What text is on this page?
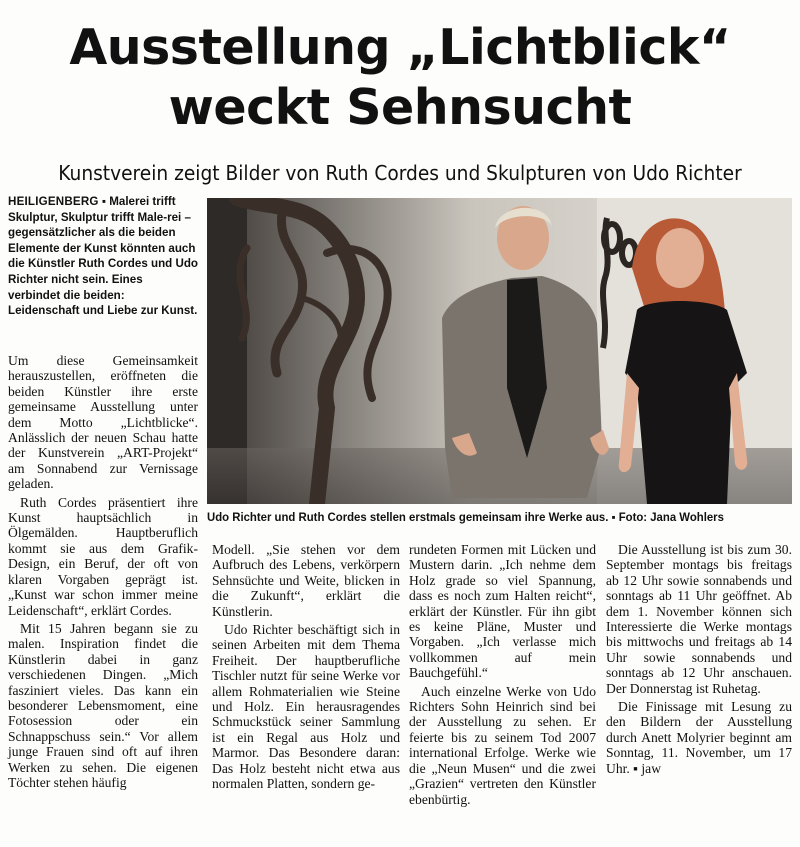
Ausstellung „Lichtblick“
weckt Sehnsucht
Kunstverein zeigt Bilder von Ruth Cordes und Skulpturen von Udo Richter
HEILIGENBERG ▪ Malerei trifft Skulptur, Skulptur trifft Male-rei – gegensätzlicher als die beiden Elemente der Kunst könnten auch die Künstler Ruth Cordes und Udo Richter nicht sein. Eines verbindet die beiden: Leidenschaft und Liebe zur Kunst.

Um diese Gemeinsamkeit herauszustellen, eröffneten die beiden Künstler ihre erste gemeinsame Ausstellung unter dem Motto „Lichtblicke“. Anlässlich der neuen Schau hatte der Kunstverein „ART-Projekt“ am Sonnabend zur Vernissage geladen.

Ruth Cordes präsentiert ihre Kunst hauptsächlich in Ölgemälden. Hauptberuflich kommt sie aus dem Grafik-Design, ein Beruf, der oft von klaren Vorgaben geprägt ist. „Kunst war schon immer meine Leidenschaft“, erklärt Cordes.

Mit 15 Jahren begann sie zu malen. Inspiration findet die Künstlerin dabei in ganz verschiedenen Dingen. „Mich fasziniert vieles. Das kann ein besonderer Lebensmoment, eine Fotosession oder ein Schnappschuss sein.“ Vor allem junge Frauen sind oft auf ihren Werken zu sehen. Die eigenen Töchter stehen häufig

Udo Richter und Ruth Cordes stellen erstmals gemeinsam ihre Werke aus. ▪ Foto: Jana Wohlers

Modell. „Sie stehen vor dem Aufbruch des Lebens, verkörpern Sehnsüchte und Weite, blicken in die Zukunft“, erklärt die Künstlerin.

Udo Richter beschäftigt sich in seinen Arbeiten mit dem Thema Freiheit. Der hauptberufliche Tischler nutzt für seine Werke vor allem Rohmaterialien wie Steine und Holz. Ein herausragendes Schmuckstück seiner Sammlung ist ein Regal aus Holz und Marmor. Das Besondere daran: Das Holz besteht nicht etwa aus normalen Platten, sondern ge-

rundeten Formen mit Lücken und Mustern darin. „Ich nehme dem Holz grade so viel Spannung, dass es noch zum Halten reicht“, erklärt der Künstler. Für ihn gibt es keine Pläne, Muster und Vorgaben. „Ich verlasse mich vollkommen auf mein Bauchgefühl.“

Auch einzelne Werke von Udo Richters Sohn Heinrich sind bei der Ausstellung zu sehen. Er feierte bis zu seinem Tod 2007 international Erfolge. Werke wie die „Neun Musen“ und die zwei „Grazien“ vertreten den Künstler ebenbürtig.

Die Ausstellung ist bis zum 30. September montags bis freitags ab 12 Uhr sowie sonnabends und sonntags ab 11 Uhr geöffnet. Ab dem 1. November können sich Interessierte die Werke montags bis mittwochs und freitags ab 14 Uhr sowie sonnabends und sonntags ab 12 Uhr anschauen. Der Donnerstag ist Ruhetag.

Die Finissage mit Lesung zu den Bildern der Ausstellung durch Anett Molyrier beginnt am Sonntag, 11. November, um 17 Uhr. ▪ jaw
